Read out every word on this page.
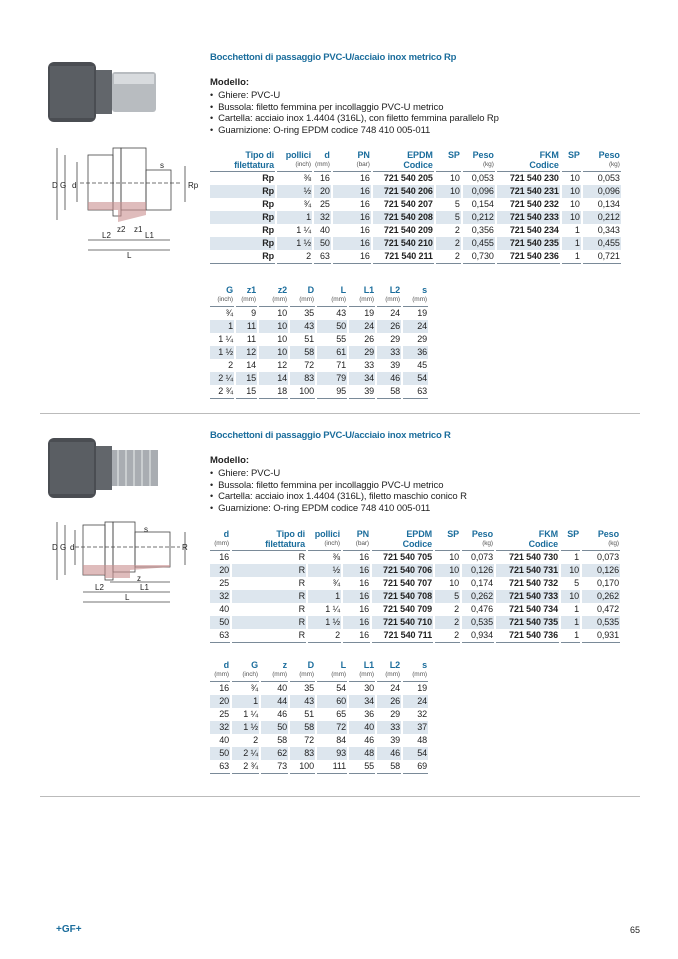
D G d
s
Rp
z2 z1
L2	L1
L
Bocchettoni di passaggio PVC-U/acciaio inox metrico Rp
Modello:
• Ghiere: PVC-U
• Bussola: filetto femmina per incollaggio PVC-U metrico
• Cartella: acciaio inox 1.4404 (316L), con filetto femmina parallelo Rp
• Guarnizione: O-ring EPDM codice 748 410 005-011
Tipo di
filettatura	pollici
(inch)	d
(mm)	PN
(bar)	EPDM
Codice	SP	Peso
(kg)	FKM
Codice	SP	Peso
(kg)

Rp	⅜	16	16	721 540 205	10	0,053	721 540 230	10	0,053
Rp	½	20	16	721 540 206	10	0,096	721 540 231	10	0,096
Rp	¾	25	16	721 540 207	5	0,154	721 540 232	10	0,134
Rp	1	32	16	721 540 208	5	0,212	721 540 233	10	0,212
Rp	1 ¼	40	16	721 540 209	2	0,356	721 540 234	1	0,343
Rp	1 ½	50	16	721 540 210	2	0,455	721 540 235	1	0,455
Rp	2	63	16	721 540 211	2	0,730	721 540 236	1	0,721
G
(inch)	z1
(mm)	z2
(mm)	D
(mm)	L
(mm)	L1
(mm)	L2
(mm)	s
(mm)

¾	9	10	35	43	19	24	19
1	11	10	43	50	24	26	24
1 ¼	11	10	51	55	26	29	29
1 ½	12	10	58	61	29	33	36
2	14	12	72	71	33	39	45
2 ¼	15	14	83	79	34	46	54
2 ¾	15	18	100	95	39	58	63
D G d
s
R
z
L2	L1
L
Bocchettoni di passaggio PVC-U/acciaio inox metrico R
Modello:
• Ghiere: PVC-U
• Bussola: filetto femmina per incollaggio PVC-U metrico
• Cartella: acciaio inox 1.4404 (316L), filetto maschio conico R
• Guarnizione: O-ring EPDM codice 748 410 005-011
d
(mm)	Tipo di
filettatura	pollici
(inch)	PN
(bar)	EPDM
Codice	SP	Peso
(kg)	FKM
Codice	SP	Peso
(kg)

16	R	⅜	16	721 540 705	10	0,073	721 540 730	1	0,073
20	R	½	16	721 540 706	10	0,126	721 540 731	10	0,126
25	R	¾	16	721 540 707	10	0,174	721 540 732	5	0,170
32	R	1	16	721 540 708	5	0,262	721 540 733	10	0,262
40	R	1 ¼	16	721 540 709	2	0,476	721 540 734	1	0,472
50	R	1 ½	16	721 540 710	2	0,535	721 540 735	1	0,535
63	R	2	16	721 540 711	2	0,934	721 540 736	1	0,931
d
(mm)	G
(inch)	z
(mm)	D
(mm)	L
(mm)	L1
(mm)	L2
(mm)	s
(mm)

16	¾	40	35	54	30	24	19
20	1	44	43	60	34	26	24
25	1 ¼	46	51	65	36	29	32
32	1 ½	50	58	72	40	33	37
40	2	58	72	84	46	39	48
50	2 ¼	62	83	93	48	46	54
63	2 ¾	73	100	111	55	58	69
+GF+	65
